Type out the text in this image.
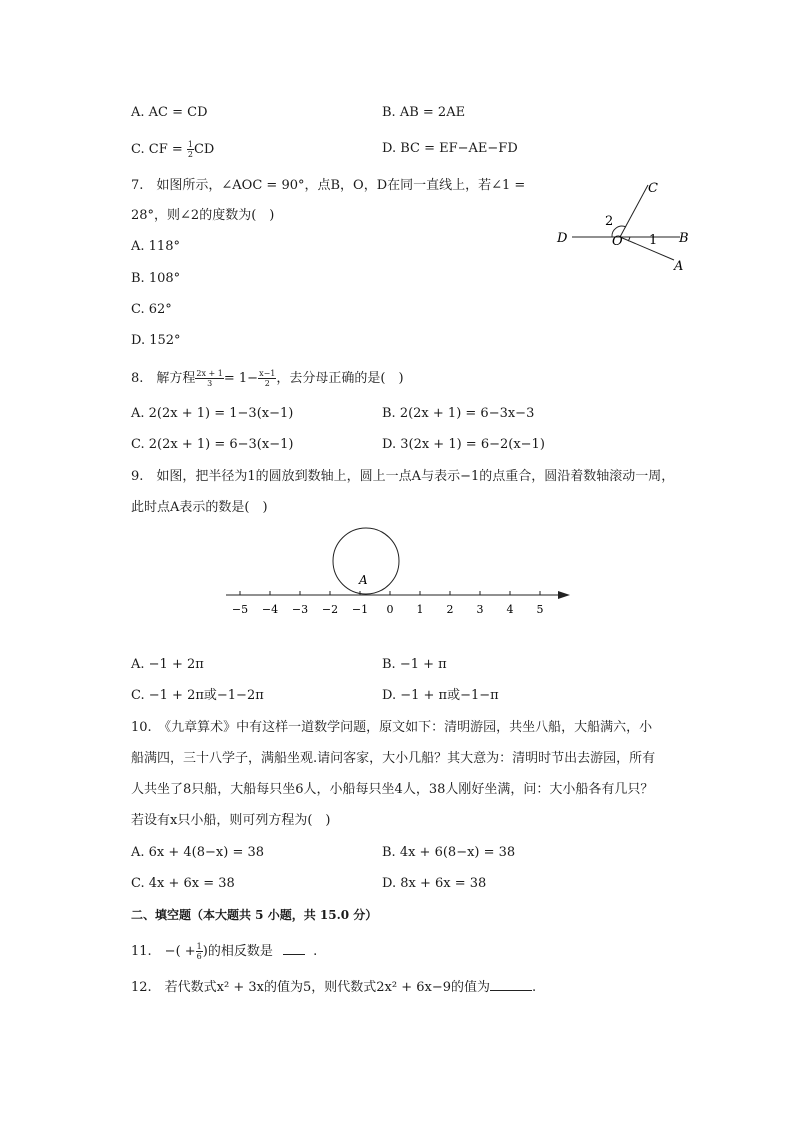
A. AC = CD	B. AB = 2AE
C. CF = $\frac{1}{2}$ CD	D. BC = EF−AE−FD
7.　如图所示，∠AOC = 90°，点B，O，D在同一直线上，若∠1 =
28°，则∠2的度数为(　)
A. 118°
B. 108°
C. 62°
D. 152°
C
D	O	B
A
1
2
8.　解方程 $\frac{2x + 1}{3} = 1- \frac{x-1}{2}$ ，去分母正确的是(　)
A. 2(2x + 1) = 1−3(x−1)	B. 2(2x + 1) = 6−3x−3
C. 2(2x + 1) = 6−3(x−1)	D. 3(2x + 1) = 6−2(x−1)
9.　如图，把半径为1的圆放到数轴上，圆上一点A与表示−1的点重合，圆沿着数轴滚动一周，
此时点A表示的数是(　)
A
−5 −4 −3 −2 −1 0 1 2 3 4 5
A. −1 + 2π	B. −1 + π
C. −1 + 2π或−1−2π	D. −1 + π或−1−π
10.　《九章算术》中有这样一道数学问题，原文如下：清明游园，共坐八船，大船满六，小
船满四，三十八学子，满船坐观.请问客家，大小几船？其大意为：清明时节出去游园，所有
人共坐了8只船，大船每只坐6人，小船每只坐4人，38人刚好坐满，问：大小船各有几只？
若设有x只小船，则可列方程为(　)
A. 6x + 4(8−x) = 38	B. 4x + 6(8−x) = 38
C. 4x + 6x = 38	D. 8x + 6x = 38
二、填空题（本大题共 5 小题，共 15.0 分）
11.　−( + $\frac{1}{6}$ )的相反数是	.
12.　若代数式x² + 3x的值为5，则代数式2x² + 6x−9的值为	.
